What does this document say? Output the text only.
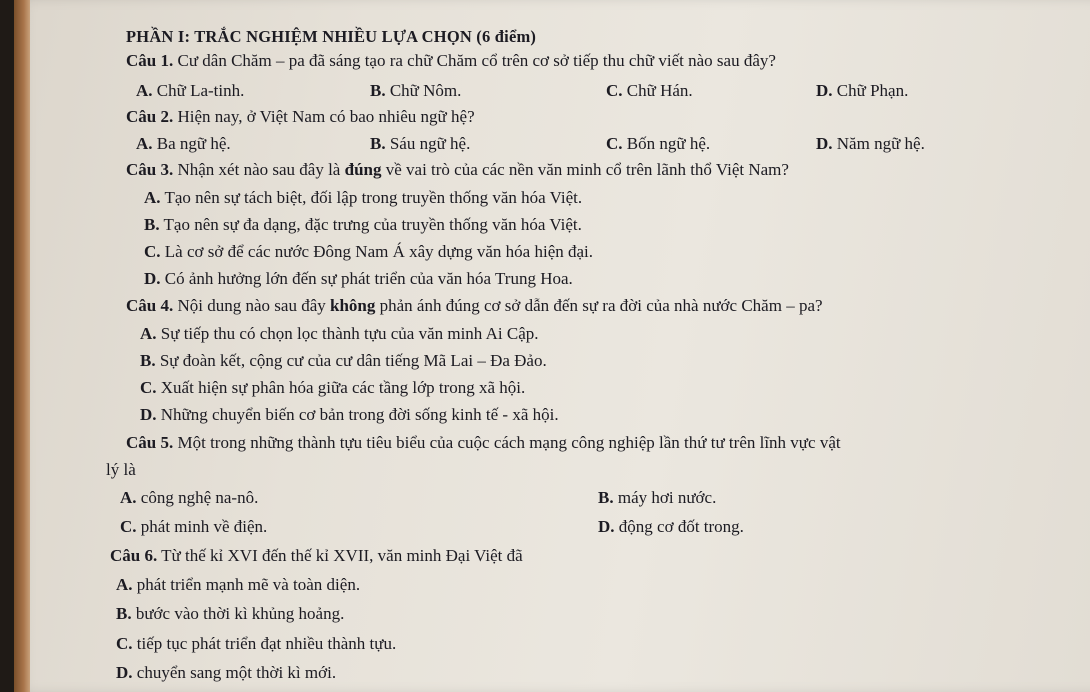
PHẦN I: TRẮC NGHIỆM NHIỀU LỰA CHỌN (6 điểm)
Câu 1. Cư dân Chăm – pa đã sáng tạo ra chữ Chăm cổ trên cơ sở tiếp thu chữ viết nào sau đây?
A. Chữ La-tinh.	B. Chữ Nôm.	C. Chữ Hán.	D. Chữ Phạn.
Câu 2. Hiện nay, ở Việt Nam có bao nhiêu ngữ hệ?
A. Ba ngữ hệ.	B. Sáu ngữ hệ.	C. Bốn ngữ hệ.	D. Năm ngữ hệ.
Câu 3. Nhận xét nào sau đây là đúng về vai trò của các nền văn minh cổ trên lãnh thổ Việt Nam?
A. Tạo nên sự tách biệt, đối lập trong truyền thống văn hóa Việt.
B. Tạo nên sự đa dạng, đặc trưng của truyền thống văn hóa Việt.
C. Là cơ sở để các nước Đông Nam Á xây dựng văn hóa hiện đại.
D. Có ảnh hưởng lớn đến sự phát triển của văn hóa Trung Hoa.
Câu 4. Nội dung nào sau đây không phản ánh đúng cơ sở dẫn đến sự ra đời của nhà nước Chăm – pa?
A. Sự tiếp thu có chọn lọc thành tựu của văn minh Ai Cập.
B. Sự đoàn kết, cộng cư của cư dân tiếng Mã Lai – Đa Đảo.
C. Xuất hiện sự phân hóa giữa các tầng lớp trong xã hội.
D. Những chuyển biến cơ bản trong đời sống kinh tế - xã hội.
Câu 5. Một trong những thành tựu tiêu biểu của cuộc cách mạng công nghiệp lần thứ tư trên lĩnh vực vật
lý là
A. công nghệ na-nô.	B. máy hơi nước.
C. phát minh về điện.	D. động cơ đốt trong.
Câu 6. Từ thế kỉ XVI đến thế kỉ XVII, văn minh Đại Việt đã
A. phát triển mạnh mẽ và toàn diện.
B. bước vào thời kì khủng hoảng.
C. tiếp tục phát triển đạt nhiều thành tựu.
D. chuyển sang một thời kì mới.
